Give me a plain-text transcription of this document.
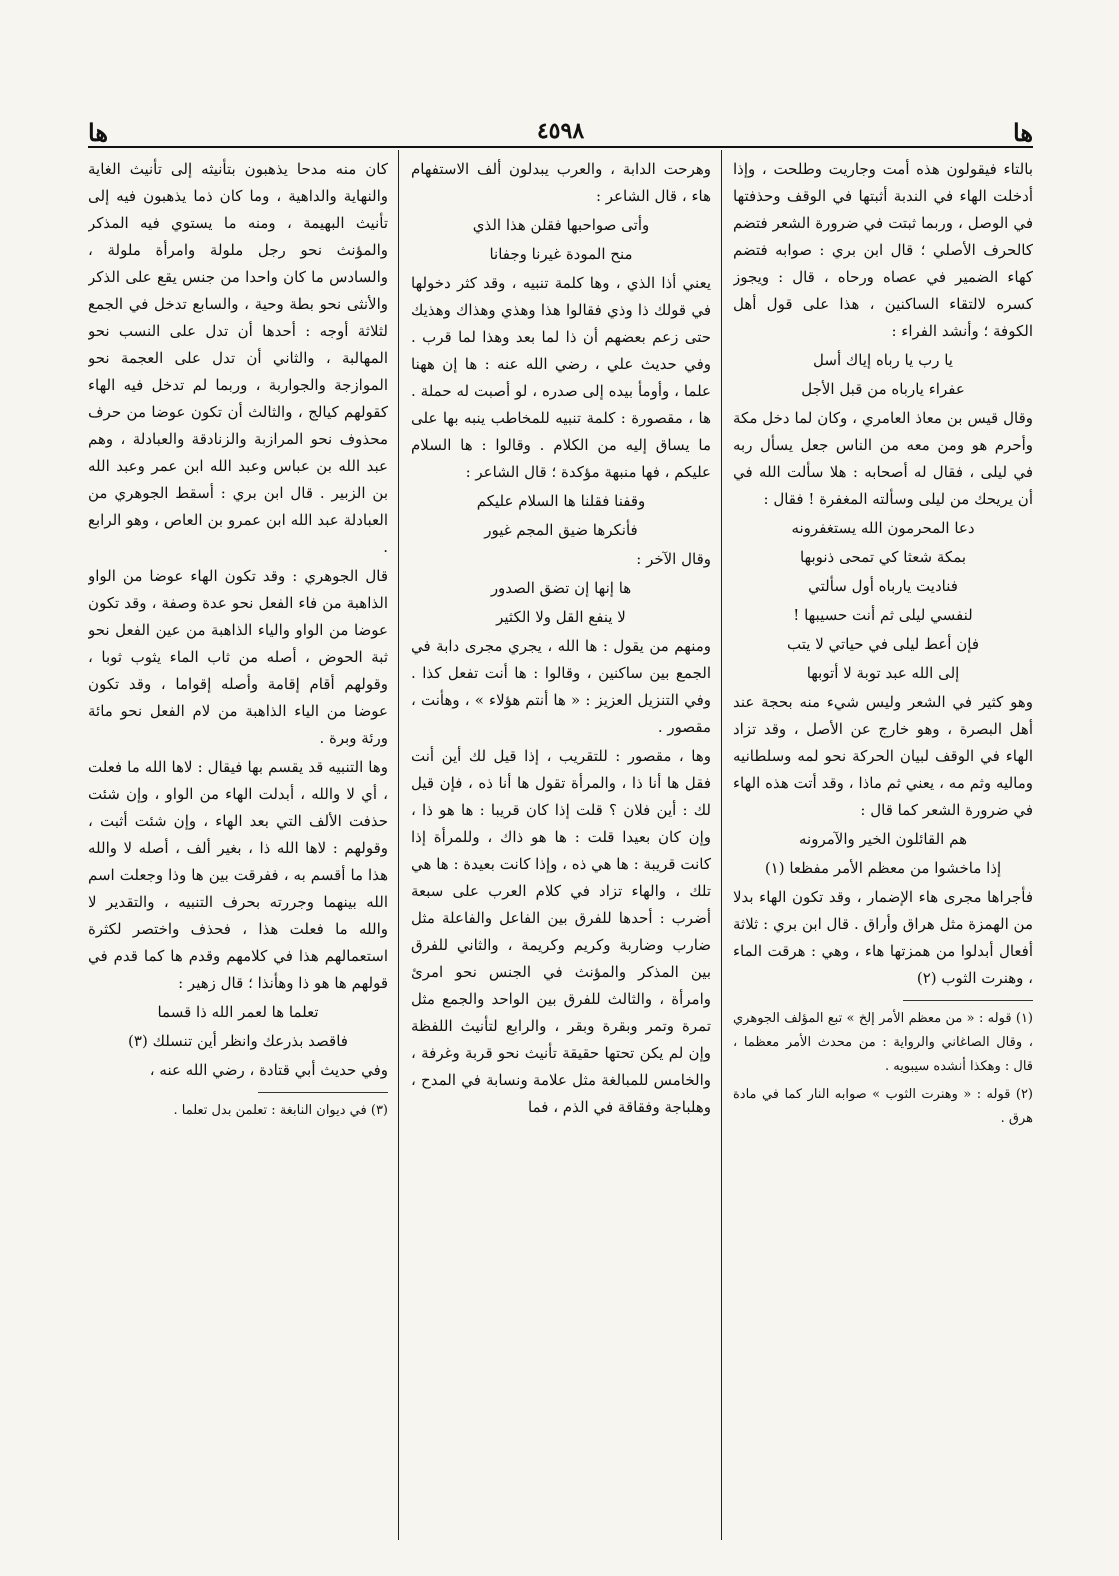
ها
٤٥٩٨
ها

بالتاء فيقولون هذه أمت وجاريت وطلحت ، وإذا أدخلت الهاء في الندبة أثبتها في الوقف وحذفتها في الوصل ، وربما ثبتت في ضرورة الشعر فتضم كالحرف الأصلي ؛ قال ابن بري : صوابه فتضم كهاء الضمير في عصاه ورحاه ، قال : ويجوز كسره لالتقاء الساكنين ، هذا على قول أهل الكوفة ؛ وأنشد الفراء :

يا رب يا رباه إياك أسل

عفراء يارباه من قبل الأجل

وقال قيس بن معاذ العامري ، وكان لما دخل مكة وأحرم هو ومن معه من الناس جعل يسأل ربه في ليلى ، فقال له أصحابه : هلا سألت الله في أن يريحك من ليلى وسألته المغفرة ! فقال :

دعا المحرمون الله يستغفرونه

بمكة شعثا كي تمحى ذنوبها

فناديت يارباه أول سألتي

لنفسي ليلى ثم أنت حسيبها !

فإن أعط ليلى في حياتي لا يتب

إلى الله عبد توبة لا أتوبها

وهو كثير في الشعر وليس شيء منه بحجة عند أهل البصرة ، وهو خارج عن الأصل ، وقد تزاد الهاء في الوقف لبيان الحركة نحو لمه وسلطانيه وماليه وثم مه ، يعني ثم ماذا ، وقد أتت هذه الهاء في ضرورة الشعر كما قال :

هم القائلون الخير والآمرونه

إذا ماخشوا من معظم الأمر مفظعا (١)

فأجراها مجرى هاء الإضمار ، وقد تكون الهاء بدلا من الهمزة مثل هراق وأراق . قال ابن بري : ثلاثة أفعال أبدلوا من همزتها هاء ، وهي : هرقت الماء ، وهنرت الثوب (٢)

(١) قوله : « من معظم الأمر إلخ » تبع المؤلف الجوهري ، وقال الصاغاني والرواية : من محدث الأمر معظما ، قال : وهكذا أنشده سيبويه .

(٢) قوله : « وهنرت الثوب » صوابه النار كما في مادة هرق .

وهرحت الدابة ، والعرب يبدلون ألف الاستفهام هاء ، قال الشاعر :

وأتى صواحبها فقلن هذا الذي

منح المودة غيرنا وجفانا

يعني أذا الذي ، وها كلمة تنبيه ، وقد كثر دخولها في قولك ذا وذي فقالوا هذا وهذي وهذاك وهذيك حتى زعم بعضهم أن ذا لما بعد وهذا لما قرب . وفي حديث علي ، رضي الله عنه : ها إن ههنا علما ، وأومأ بيده إلى صدره ، لو أصبت له حملة . ها ، مقصورة : كلمة تنبيه للمخاطب ينبه بها على ما يساق إليه من الكلام . وقالوا : ها السلام عليكم ، فها منبهة مؤكدة ؛ قال الشاعر :

وقفنا فقلنا ها السلام عليكم

فأنكرها ضيق المجم غيور

وقال الآخر :

ها إنها إن تضق الصدور

لا ينفع القل ولا الكثير

ومنهم من يقول : ها الله ، يجري مجرى دابة في الجمع بين ساكنين ، وقالوا : ها أنت تفعل كذا . وفي التنزيل العزيز : « ها أنتم هؤلاء » ، وهأنت ، مقصور .

وها ، مقصور : للتقريب ، إذا قيل لك أين أنت فقل ها أنا ذا ، والمرأة تقول ها أنا ذه ، فإن قيل لك : أين فلان ؟ قلت إذا كان قريبا : ها هو ذا ، وإن كان بعيدا قلت : ها هو ذاك ، وللمرأة إذا كانت قريبة : ها هي ذه ، وإذا كانت بعيدة : ها هي تلك ، والهاء تزاد في كلام العرب على سبعة أضرب : أحدها للفرق بين الفاعل والفاعلة مثل ضارب وضاربة وكريم وكريمة ، والثاني للفرق بين المذكر والمؤنث في الجنس نحو امرئ وامرأة ، والثالث للفرق بين الواحد والجمع مثل تمرة وتمر وبقرة وبقر ، والرابع لتأنيث اللفظة وإن لم يكن تحتها حقيقة تأنيث نحو قربة وغرفة ، والخامس للمبالغة مثل علامة ونسابة في المدح ، وهلباجة وفقاقة في الذم ، فما

كان منه مدحا يذهبون بتأنيثه إلى تأنيث الغاية والنهاية والداهية ، وما كان ذما يذهبون فيه إلى تأنيث البهيمة ، ومنه ما يستوي فيه المذكر والمؤنث نحو رجل ملولة وامرأة ملولة ، والسادس ما كان واحدا من جنس يقع على الذكر والأنثى نحو بطة وحية ، والسابع تدخل في الجمع لثلاثة أوجه : أحدها أن تدل على النسب نحو المهالبة ، والثاني أن تدل على العجمة نحو الموازجة والجواربة ، وربما لم تدخل فيه الهاء كقولهم كيالج ، والثالث أن تكون عوضا من حرف محذوف نحو المرازبة والزنادقة والعبادلة ، وهم عبد الله بن عباس وعبد الله ابن عمر وعبد الله بن الزبير . قال ابن بري : أسقط الجوهري من العبادلة عبد الله ابن عمرو بن العاص ، وهو الرابع .

قال الجوهري : وقد تكون الهاء عوضا من الواو الذاهبة من فاء الفعل نحو عدة وصفة ، وقد تكون عوضا من الواو والياء الذاهبة من عين الفعل نحو ثبة الحوض ، أصله من ثاب الماء يثوب ثوبا ، وقولهم أقام إقامة وأصله إقواما ، وقد تكون عوضا من الياء الذاهبة من لام الفعل نحو مائة ورئة وبرة .

وها التنبيه قد يقسم بها فيقال : لاها الله ما فعلت ، أي لا والله ، أبدلت الهاء من الواو ، وإن شئت حذفت الألف التي بعد الهاء ، وإن شئت أثبت ، وقولهم : لاها الله ذا ، بغير ألف ، أصله لا والله هذا ما أقسم به ، ففرقت بين ها وذا وجعلت اسم الله بينهما وجررته بحرف التنبيه ، والتقدير لا والله ما فعلت هذا ، فحذف واختصر لكثرة استعمالهم هذا في كلامهم وقدم ها كما قدم في قولهم ها هو ذا وهأنذا ؛ قال زهير :

تعلما ها لعمر الله ذا قسما

فاقصد بذرعك وانظر أين تنسلك (٣)

وفي حديث أبي قتادة ، رضي الله عنه ،

(٣) في ديوان النابغة : تعلمن بدل تعلما .
